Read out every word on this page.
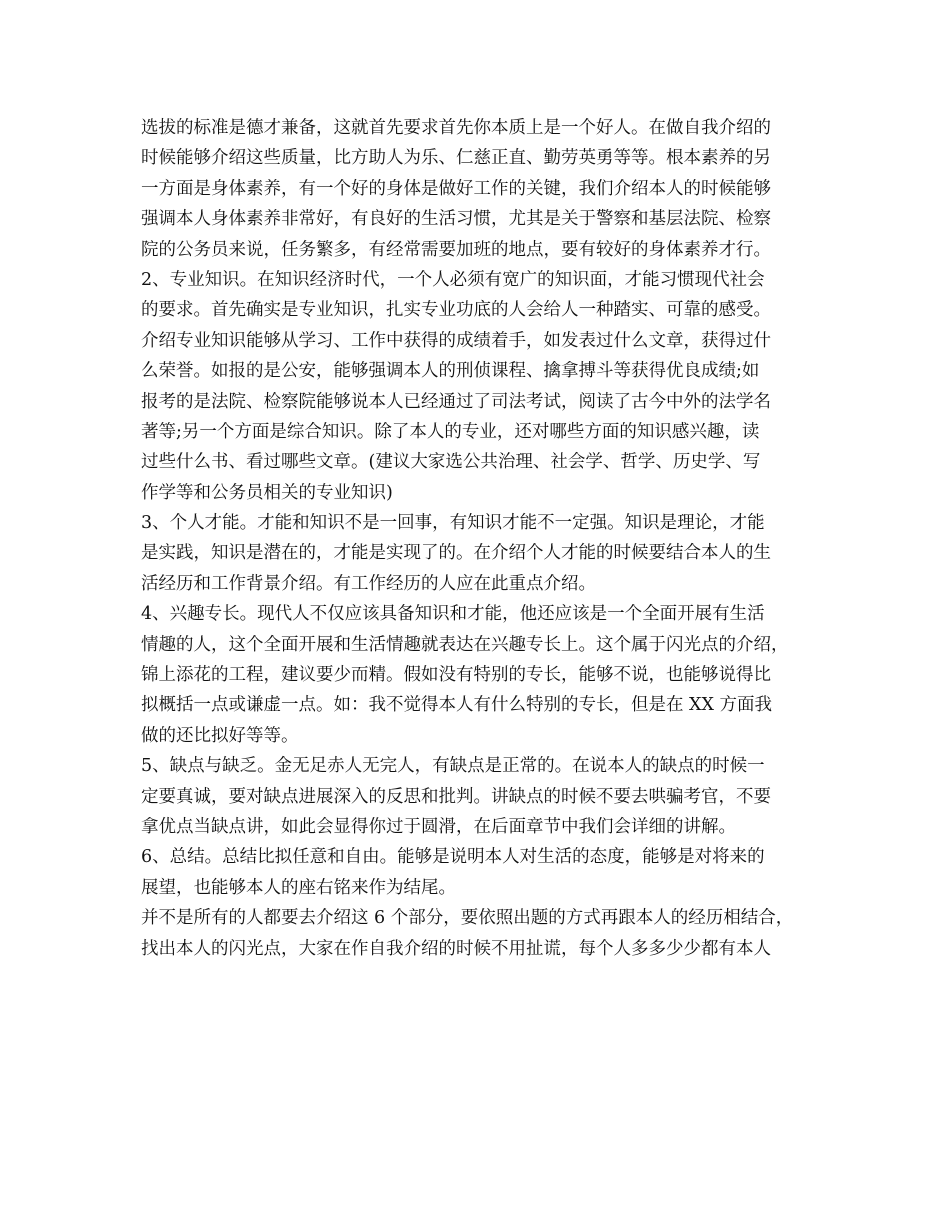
选拔的标准是德才兼备，这就首先要求首先你本质上是一个好人。在做自我介绍的
时候能够介绍这些质量，比方助人为乐、仁慈正直、勤劳英勇等等。根本素养的另
一方面是身体素养，有一个好的身体是做好工作的关键，我们介绍本人的时候能够
强调本人身体素养非常好，有良好的生活习惯，尤其是关于警察和基层法院、检察
院的公务员来说，任务繁多，有经常需要加班的地点，要有较好的身体素养才行。
2、专业知识。在知识经济时代，一个人必须有宽广的知识面，才能习惯现代社会
的要求。首先确实是专业知识，扎实专业功底的人会给人一种踏实、可靠的感受。
介绍专业知识能够从学习、工作中获得的成绩着手，如发表过什么文章，获得过什
么荣誉。如报的是公安，能够强调本人的刑侦课程、擒拿搏斗等获得优良成绩;如
报考的是法院、检察院能够说本人已经通过了司法考试，阅读了古今中外的法学名
著等;另一个方面是综合知识。除了本人的专业，还对哪些方面的知识感兴趣，读
过些什么书、看过哪些文章。(建议大家选公共治理、社会学、哲学、历史学、写
作学等和公务员相关的专业知识)
3、个人才能。才能和知识不是一回事，有知识才能不一定强。知识是理论，才能
是实践，知识是潜在的，才能是实现了的。在介绍个人才能的时候要结合本人的生
活经历和工作背景介绍。有工作经历的人应在此重点介绍。
4、兴趣专长。现代人不仅应该具备知识和才能，他还应该是一个全面开展有生活
情趣的人，这个全面开展和生活情趣就表达在兴趣专长上。这个属于闪光点的介绍，
锦上添花的工程，建议要少而精。假如没有特别的专长，能够不说，也能够说得比
拟概括一点或谦虚一点。如：我不觉得本人有什么特别的专长，但是在 XX 方面我
做的还比拟好等等。
5、缺点与缺乏。金无足赤人无完人，有缺点是正常的。在说本人的缺点的时候一
定要真诚，要对缺点进展深入的反思和批判。讲缺点的时候不要去哄骗考官，不要
拿优点当缺点讲，如此会显得你过于圆滑，在后面章节中我们会详细的讲解。
6、总结。总结比拟任意和自由。能够是说明本人对生活的态度，能够是对将来的
展望，也能够本人的座右铭来作为结尾。
并不是所有的人都要去介绍这 6 个部分，要依照出题的方式再跟本人的经历相结合，
找出本人的闪光点，大家在作自我介绍的时候不用扯谎，每个人多多少少都有本人
